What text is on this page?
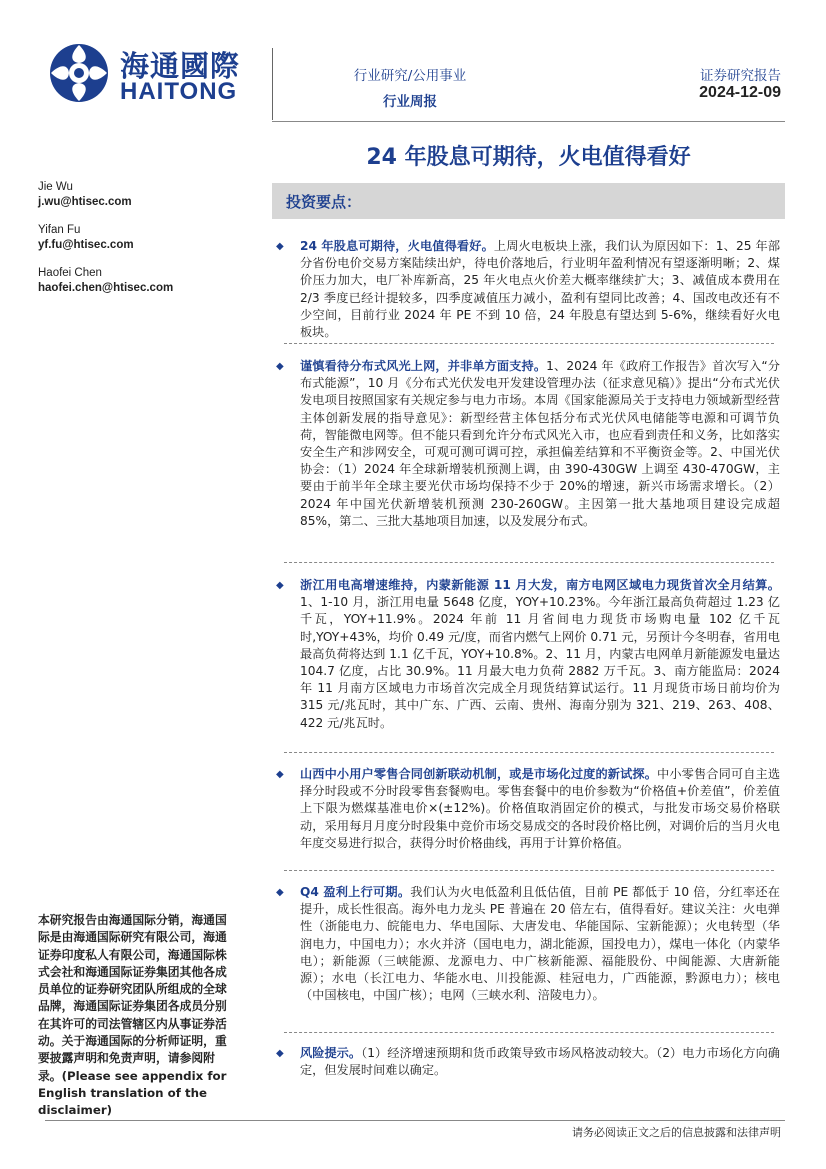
海通國際
HAITONG
行业研究/公用事业
行业周报
证券研究报告
2024-12-09
24 年股息可期待，火电值得看好
Jie Wu
j.wu@htisec.com
Yifan Fu
yf.fu@htisec.com
Haofei Chen
haofei.chen@htisec.com
投资要点：
◆ 24 年股息可期待，火电值得看好。上周火电板块上涨，我们认为原因如下：1、25 年部分省份电价交易方案陆续出炉，待电价落地后，行业明年盈利情况有望逐渐明晰；2、煤价压力加大，电厂补库新高，25 年火电点火价差大概率继续扩大；3、减值成本费用在 2/3 季度已经计提较多，四季度减值压力减小，盈利有望同比改善；4、国改电改还有不少空间，目前行业 2024 年 PE 不到 10 倍，24 年股息有望达到 5-6%，继续看好火电板块。
◆ 谨慎看待分布式风光上网，并非单方面支持。1、2024 年《政府工作报告》首次写入“分布式能源”，10 月《分布式光伏发电开发建设管理办法（征求意见稿）》提出“分布式光伏发电项目按照国家有关规定参与电力市场。本周《国家能源局关于支持电力领域新型经营主体创新发展的指导意见》：新型经营主体包括分布式光伏风电储能等电源和可调节负荷，智能微电网等。但不能只看到允许分布式风光入市，也应看到责任和义务，比如落实安全生产和涉网安全，可观可测可调可控，承担偏差结算和不平衡资金等。2、中国光伏协会：（1）2024 年全球新增装机预测上调，由 390-430GW 上调至 430-470GW，主要由于前半年全球主要光伏市场均保持不少于 20%的增速，新兴市场需求增长。（2）2024 年中国光伏新增装机预测 230-260GW。主因第一批大基地项目建设完成超 85%，第二、三批大基地项目加速，以及发展分布式。
◆ 浙江用电高增速维持，内蒙新能源 11 月大发，南方电网区域电力现货首次全月结算。1、1-10 月，浙江用电量 5648 亿度，YOY+10.23%。今年浙江最高负荷超过 1.23 亿千瓦，YOY+11.9%。2024 年前 11 月省间电力现货市场购电量 102 亿千瓦时,YOY+43%，均价 0.49 元/度，而省内燃气上网价 0.71 元，另预计今冬明春，省用电最高负荷将达到 1.1 亿千瓦，YOY+10.8%。2、11 月，内蒙古电网单月新能源发电量达 104.7 亿度，占比 30.9%。11 月最大电力负荷 2882 万千瓦。3、南方能监局：2024 年 11 月南方区域电力市场首次完成全月现货结算试运行。11 月现货市场日前均价为 315 元/兆瓦时，其中广东、广西、云南、贵州、海南分别为 321、219、263、408、422 元/兆瓦时。
◆ 山西中小用户零售合同创新联动机制，或是市场化过度的新试探。中小零售合同可自主选择分时段或不分时段零售套餐购电。零售套餐中的电价参数为“价格值+价差值”，价差值上下限为燃煤基准电价×(±12%)。价格值取消固定价的模式，与批发市场交易价格联动，采用每月月度分时段集中竞价市场交易成交的各时段价格比例，对调价后的当月火电年度交易进行拟合，获得分时价格曲线，再用于计算价格值。
◆ Q4 盈利上行可期。我们认为火电低盈利且低估值，目前 PE 都低于 10 倍，分红率还在提升，成长性很高。海外电力龙头 PE 普遍在 20 倍左右，值得看好。建议关注：火电弹性（浙能电力、皖能电力、华电国际、大唐发电、华能国际、宝新能源）；火电转型（华润电力，中国电力）；水火并济（国电电力，湖北能源，国投电力），煤电一体化（内蒙华电）；新能源（三峡能源、龙源电力、中广核新能源、福能股份、中闽能源、大唐新能源）；水电（长江电力、华能水电、川投能源、桂冠电力，广西能源，黔源电力）；核电（中国核电，中国广核）；电网（三峡水利、涪陵电力）。
◆ 风险提示。（1）经济增速预期和货币政策导致市场风格波动较大。（2）电力市场化方向确定，但发展时间难以确定。
本研究报告由海通国际分销，海通国际是由海通国际研究有限公司，海通证券印度私人有限公司，海通国际株式会社和海通国际证券集团其他各成员单位的证券研究团队所组成的全球品牌，海通国际证券集团各成员分别在其许可的司法管辖区内从事证券活动。关于海通国际的分析师证明，重要披露声明和免责声明，请参阅附录。(Please see appendix for English translation of the disclaimer)
请务必阅读正文之后的信息披露和法律声明
